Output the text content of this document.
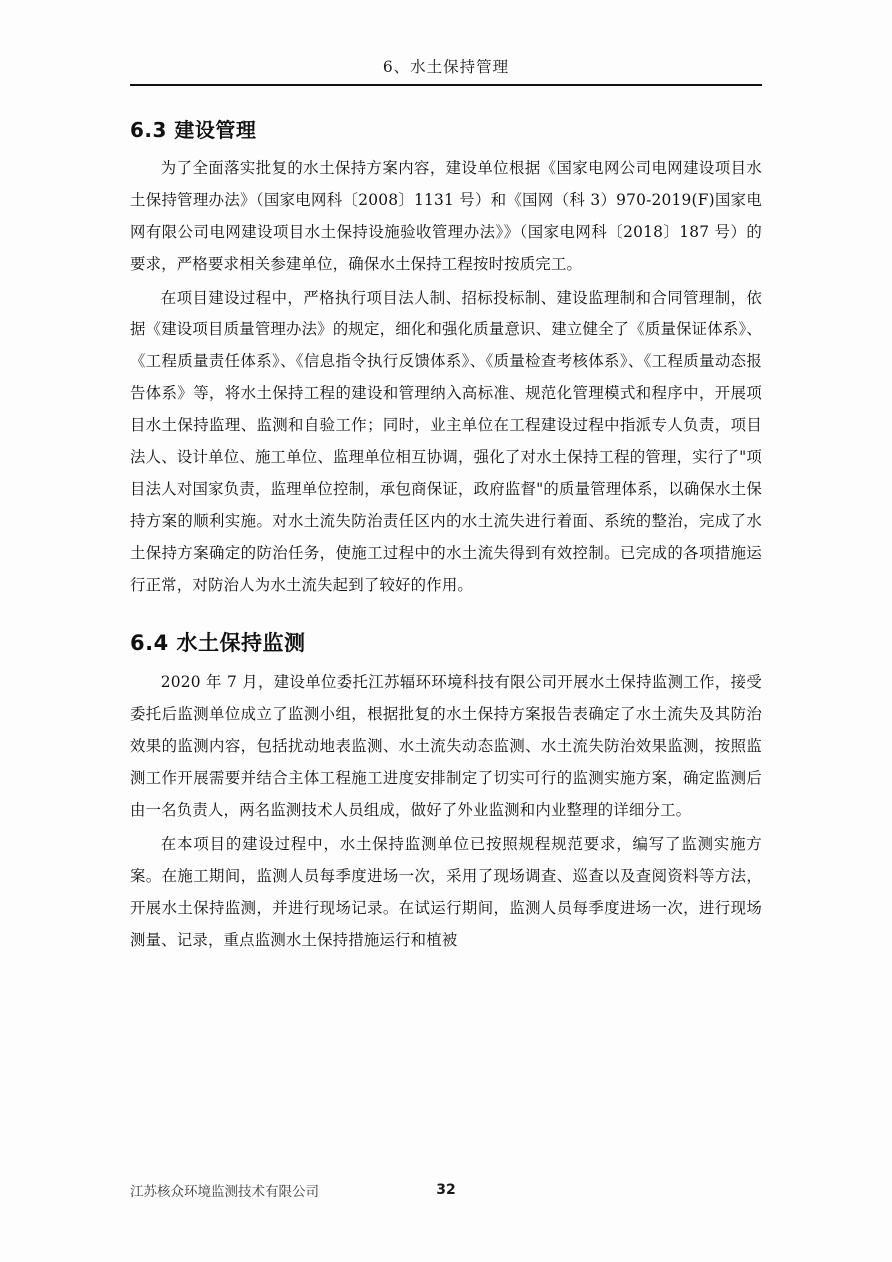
6、水土保持管理
6.3 建设管理

为了全面落实批复的水土保持方案内容，建设单位根据《国家电网公司电网建设项目水土保持管理办法》（国家电网科〔2008〕1131 号）和《国网（科 3）970-2019(F)国家电网有限公司电网建设项目水土保持设施验收管理办法》》（国家电网科〔2018〕187 号）的要求，严格要求相关参建单位，确保水土保持工程按时按质完工。

在项目建设过程中，严格执行项目法人制、招标投标制、建设监理制和合同管理制，依据《建设项目质量管理办法》的规定，细化和强化质量意识、建立健全了《质量保证体系》、《工程质量责任体系》、《信息指令执行反馈体系》、《质量检查考核体系》、《工程质量动态报告体系》等，将水土保持工程的建设和管理纳入高标准、规范化管理模式和程序中，开展项目水土保持监理、监测和自验工作；同时，业主单位在工程建设过程中指派专人负责，项目法人、设计单位、施工单位、监理单位相互协调，强化了对水土保持工程的管理，实行了"项目法人对国家负责，监理单位控制，承包商保证，政府监督"的质量管理体系，以确保水土保持方案的顺利实施。对水土流失防治责任区内的水土流失进行着面、系统的整治，完成了水土保持方案确定的防治任务，使施工过程中的水土流失得到有效控制。已完成的各项措施运行正常，对防治人为水土流失起到了较好的作用。

6.4 水土保持监测

2020 年 7 月，建设单位委托江苏辐环环境科技有限公司开展水土保持监测工作，接受委托后监测单位成立了监测小组，根据批复的水土保持方案报告表确定了水土流失及其防治效果的监测内容，包括扰动地表监测、水土流失动态监测、水土流失防治效果监测，按照监测工作开展需要并结合主体工程施工进度安排制定了切实可行的监测实施方案，确定监测后由一名负责人，两名监测技术人员组成，做好了外业监测和内业整理的详细分工。

在本项目的建设过程中，水土保持监测单位已按照规程规范要求，编写了监测实施方案。在施工期间，监测人员每季度进场一次，采用了现场调查、巡查以及查阅资料等方法，开展水土保持监测，并进行现场记录。在试运行期间，监测人员每季度进场一次，进行现场测量、记录，重点监测水土保持措施运行和植被

江苏核众环境监测技术有限公司	32
